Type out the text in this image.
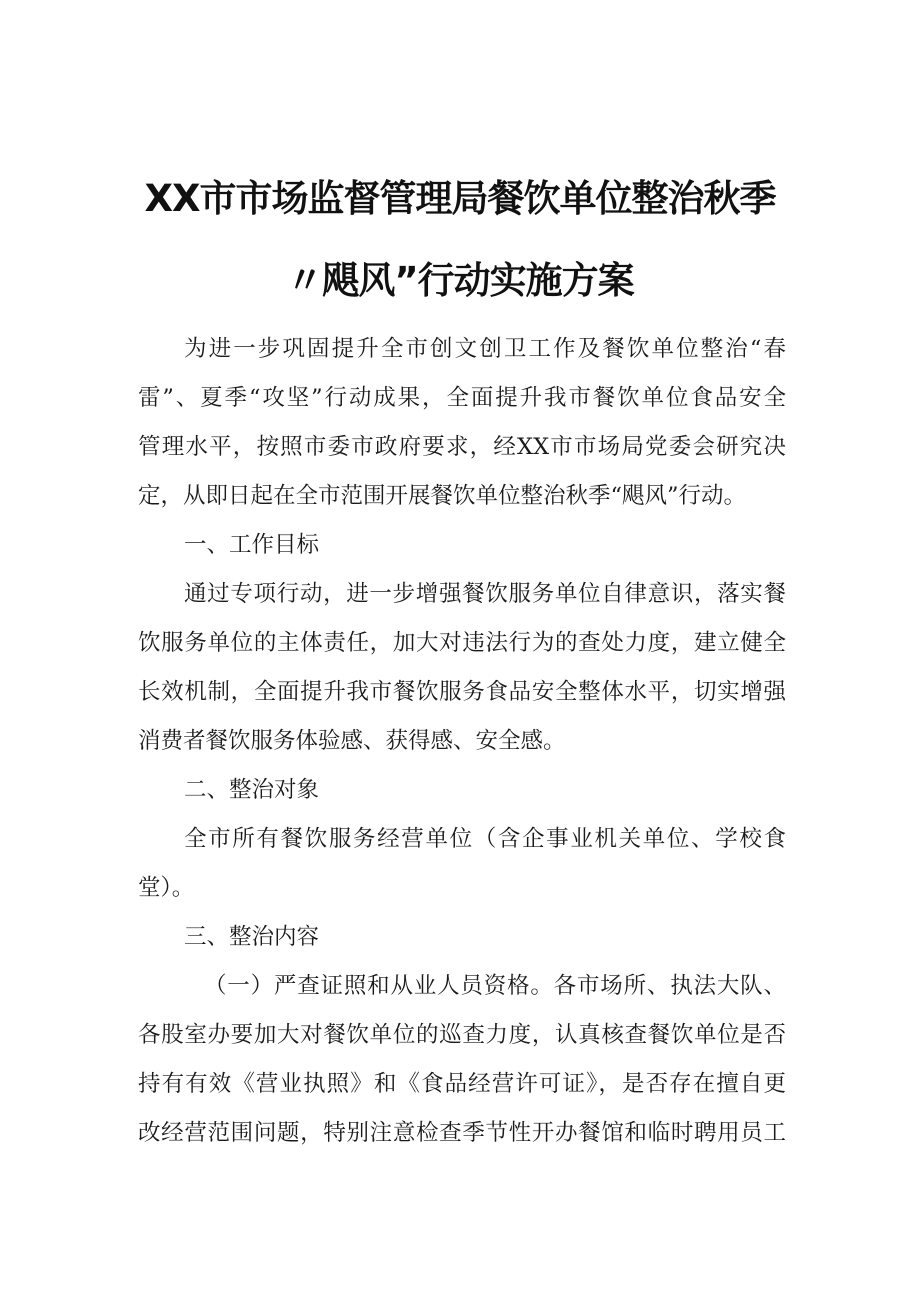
XX市市场监督管理局餐饮单位整治秋季
〃飓风”行动实施方案
为进一步巩固提升全市创文创卫工作及餐饮单位整治“春
雷”、夏季“攻坚”行动成果，全面提升我市餐饮单位食品安全
管理水平，按照市委市政府要求，经XX市市场局党委会研究决
定，从即日起在全市范围开展餐饮单位整治秋季“飓风”行动。
一、工作目标
通过专项行动，进一步增强餐饮服务单位自律意识，落实餐
饮服务单位的主体责任，加大对违法行为的查处力度，建立健全
长效机制，全面提升我市餐饮服务食品安全整体水平，切实增强
消费者餐饮服务体验感、获得感、安全感。
二、整治对象
全市所有餐饮服务经营单位（含企事业机关单位、学校食
堂）。
三、整治内容
（一）严查证照和从业人员资格。各市场所、执法大队、
各股室办要加大对餐饮单位的巡查力度，认真核查餐饮单位是否
持有有效《营业执照》和《食品经营许可证》，是否存在擅自更
改经营范围问题，特别注意检查季节性开办餐馆和临时聘用员工
